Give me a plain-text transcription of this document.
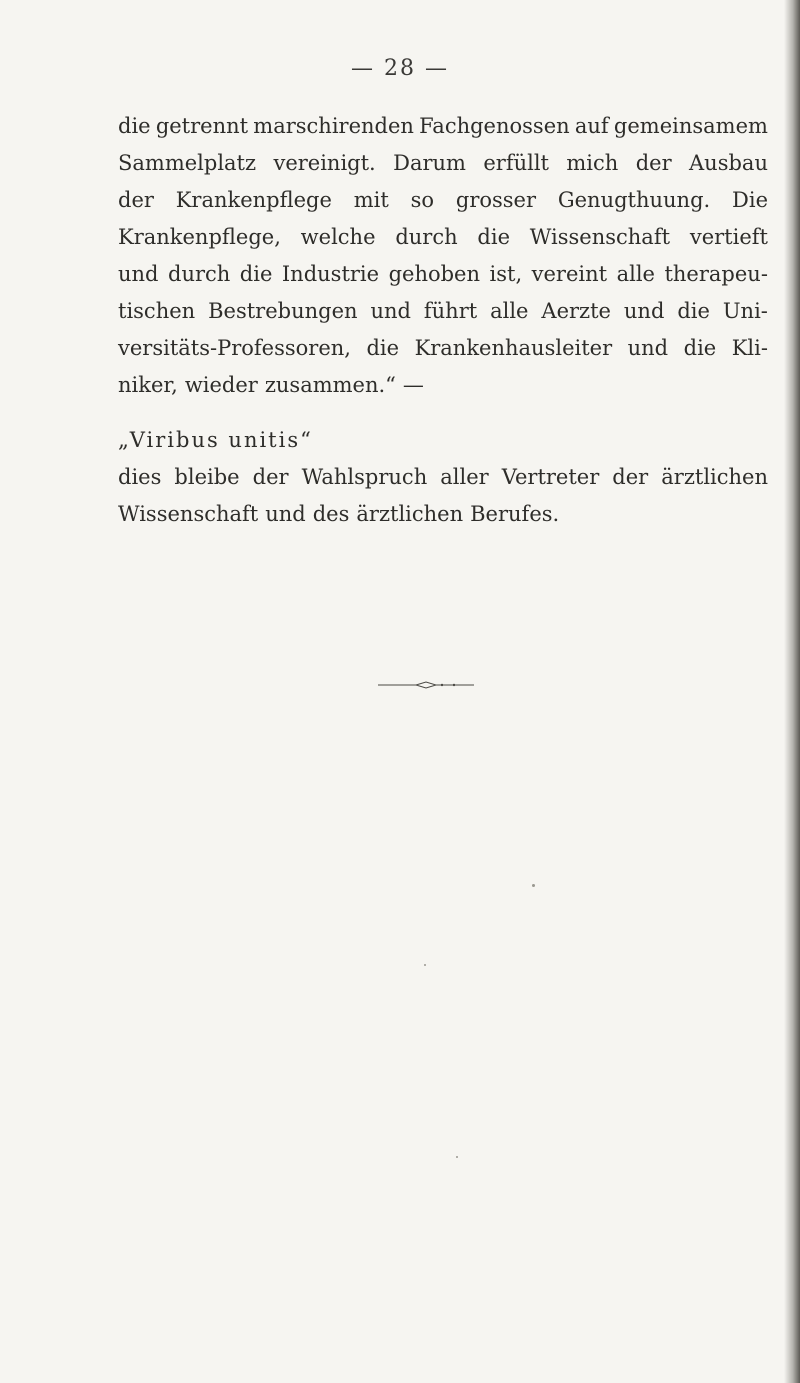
— 28 —
die getrennt marschirenden Fachgenossen auf gemeinsamem
Sammelplatz vereinigt. Darum erfüllt mich der Ausbau
der Krankenpflege mit so grosser Genugthuung. Die
Krankenpflege, welche durch die Wissenschaft vertieft
und durch die Industrie gehoben ist, vereint alle therapeu-
tischen Bestrebungen und führt alle Aerzte und die Uni-
versitäts-Professoren, die Krankenhausleiter und die Kli-
niker, wieder zusammen.“ —
„Viribus unitis“
dies bleibe der Wahlspruch aller Vertreter der ärztlichen
Wissenschaft und des ärztlichen Berufes.
